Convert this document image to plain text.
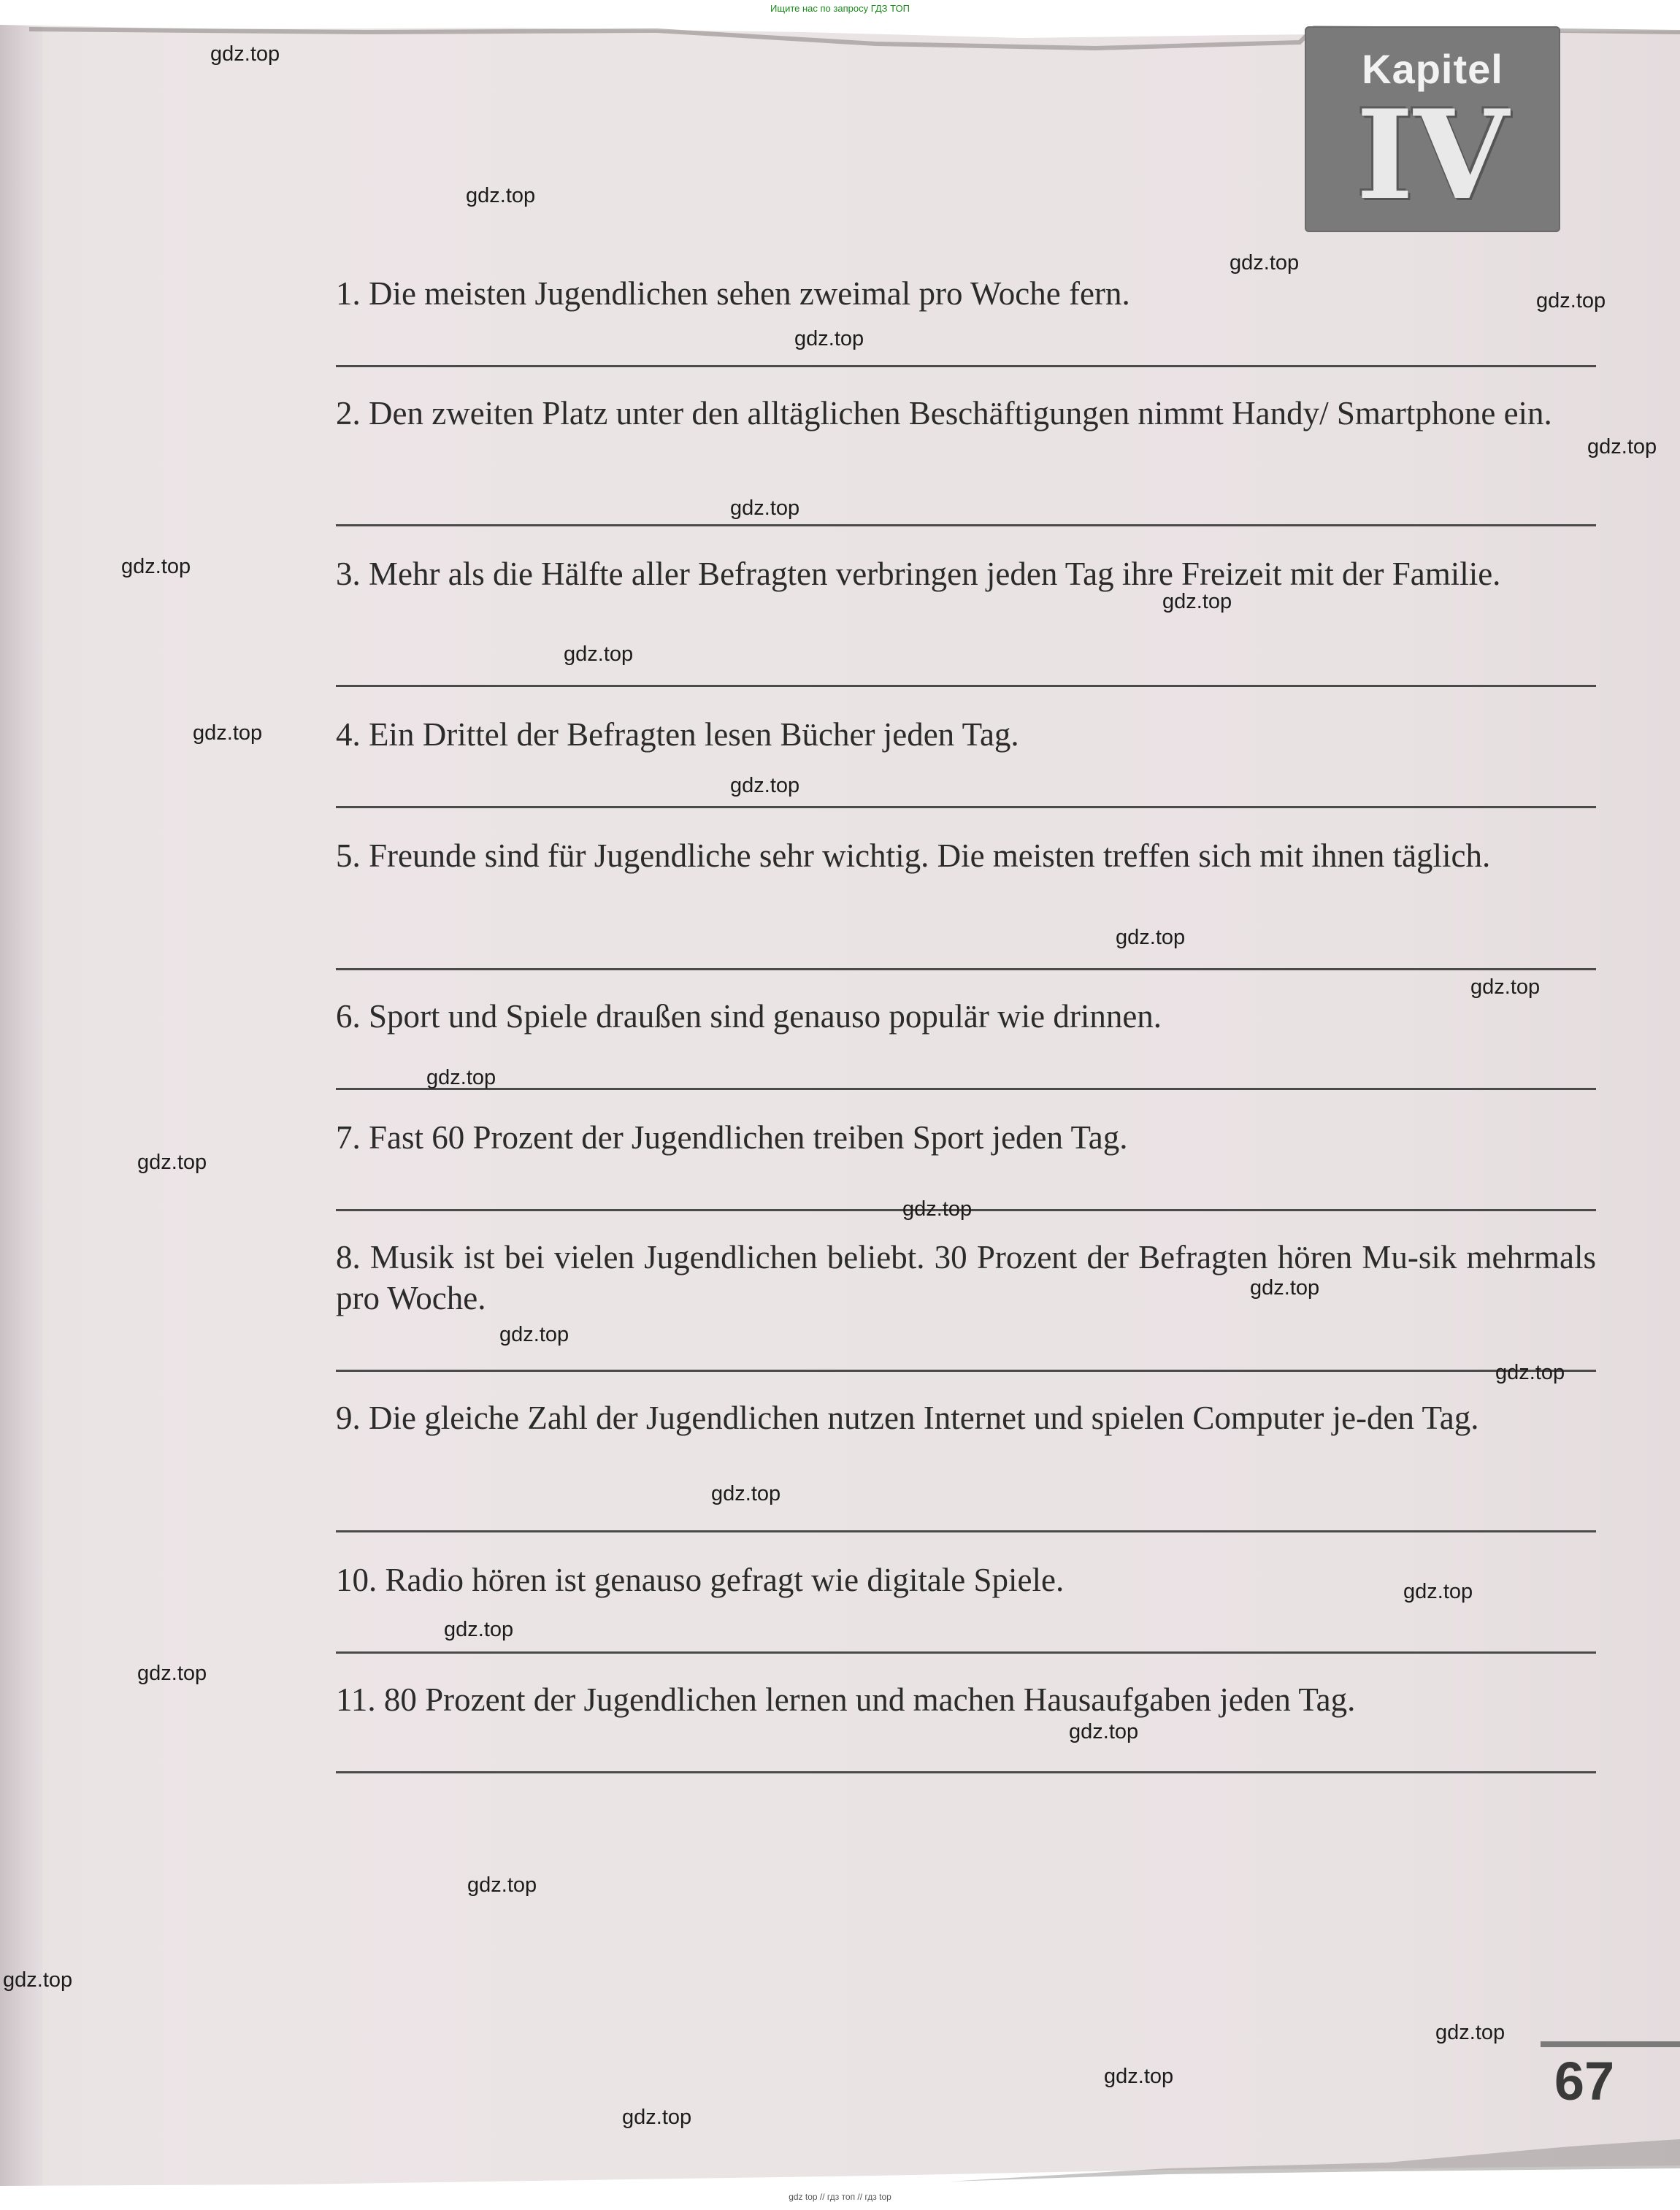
Ищите нас по запросу ГДЗ ТОП
Kapitel
IV
1. Die meisten Jugendlichen sehen zweimal pro Woche fern.
2. Den zweiten Platz unter den alltäglichen Beschäftigungen nimmt Handy/ Smartphone ein.
3. Mehr als die Hälfte aller Befragten verbringen jeden Tag ihre Freizeit mit der Familie.
4. Ein Drittel der Befragten lesen Bücher jeden Tag.
5. Freunde sind für Jugendliche sehr wichtig. Die meisten treffen sich mit ihnen täglich.
6. Sport und Spiele draußen sind genauso populär wie drinnen.
7. Fast 60 Prozent der Jugendlichen treiben Sport jeden Tag.
8. Musik ist bei vielen Jugendlichen beliebt. 30 Prozent der Befragten hören Mu-sik mehrmals pro Woche.
9. Die gleiche Zahl der Jugendlichen nutzen Internet und spielen Computer je-den Tag.
10. Radio hören ist genauso gefragt wie digitale Spiele.
11. 80 Prozent der Jugendlichen lernen und machen Hausaufgaben jeden Tag.
gdz.top
gdz.top
gdz.top
gdz.top
gdz.top
gdz.top
gdz.top
gdz.top
gdz.top
gdz.top
gdz.top
gdz.top
gdz.top
gdz.top
gdz.top
gdz.top
gdz.top
gdz.top
gdz.top
gdz.top
gdz.top
gdz.top
gdz.top
gdz.top
gdz.top
gdz.top
gdz.top
gdz.top
gdz.top
gdz.top
67
gdz top // гдз топ // гдз top
